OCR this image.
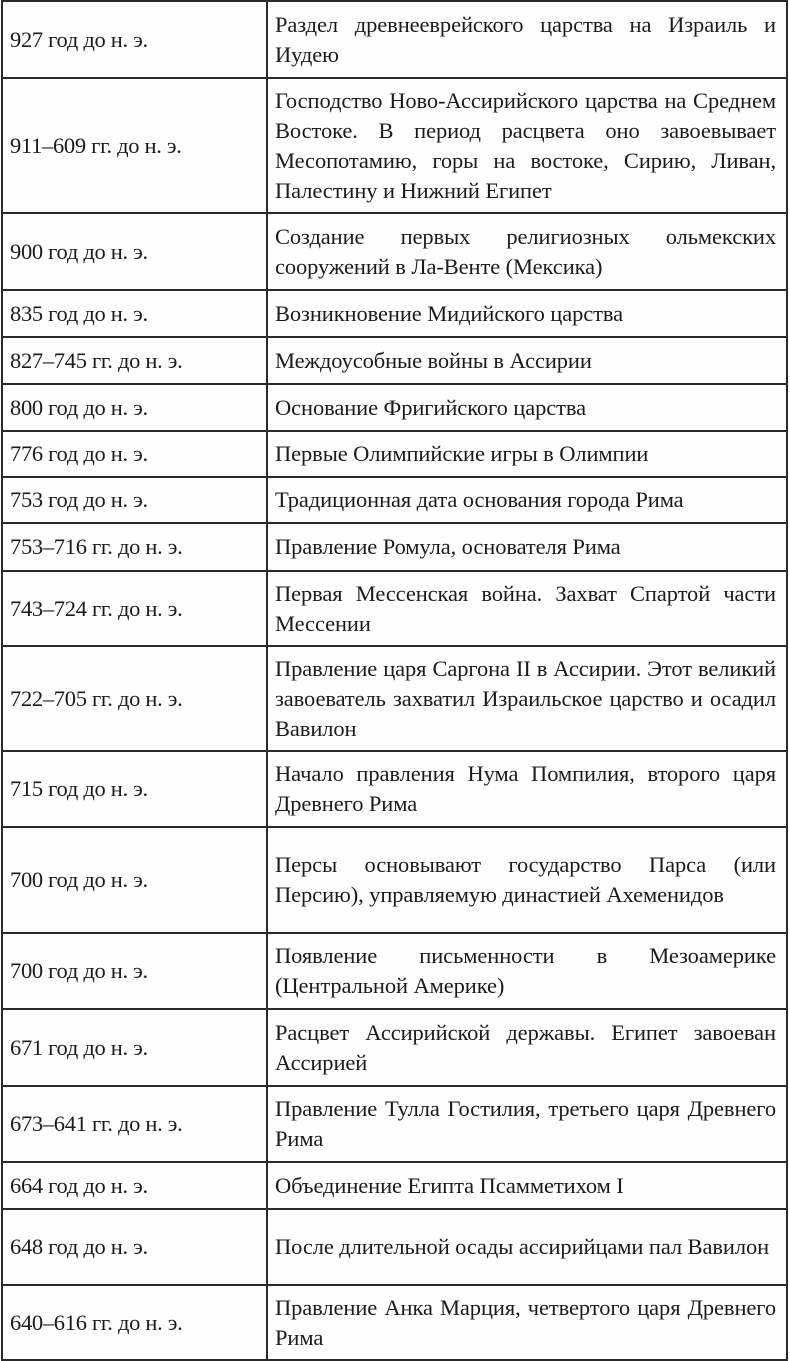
927 год до н. э.	Раздел древнееврейского царства на Израиль и Иудею
911–609 гг. до н. э.	Господство Ново-Ассирийского царства на Среднем Востоке. В период расцвета оно завоевывает Месопотамию, горы на востоке, Сирию, Ливан, Палестину и Нижний Египет
900 год до н. э.	Создание первых религиозных ольмекских сооружений в Ла-Венте (Мексика)
835 год до н. э.	Возникновение Мидийского царства
827–745 гг. до н. э.	Междоусобные войны в Ассирии
800 год до н. э.	Основание Фригийского царства
776 год до н. э.	Первые Олимпийские игры в Олимпии
753 год до н. э.	Традиционная дата основания города Рима
753–716 гг. до н. э.	Правление Ромула, основателя Рима
743–724 гг. до н. э.	Первая Мессенская война. Захват Спартой части Мессении
722–705 гг. до н. э.	Правление царя Саргона II в Ассирии. Этот великий завоеватель захватил Израильское царство и осадил Вавилон
715 год до н. э.	Начало правления Нума Помпилия, второго царя Древнего Рима
700 год до н. э.	Персы основывают государство Парса (или Персию), управляемую династией Ахеменидов
700 год до н. э.	Появление письменности в Мезоамерике (Центральной Америке)
671 год до н. э.	Расцвет Ассирийской державы. Египет завоеван Ассирией
673–641 гг. до н. э.	Правление Тулла Гостилия, третьего царя Древнего Рима
664 год до н. э.	Объединение Египта Псамметихом I
648 год до н. э.	После длительной осады ассирийцами пал Вавилон
640–616 гг. до н. э.	Правление Анка Марция, четвертого царя Древнего Рима
